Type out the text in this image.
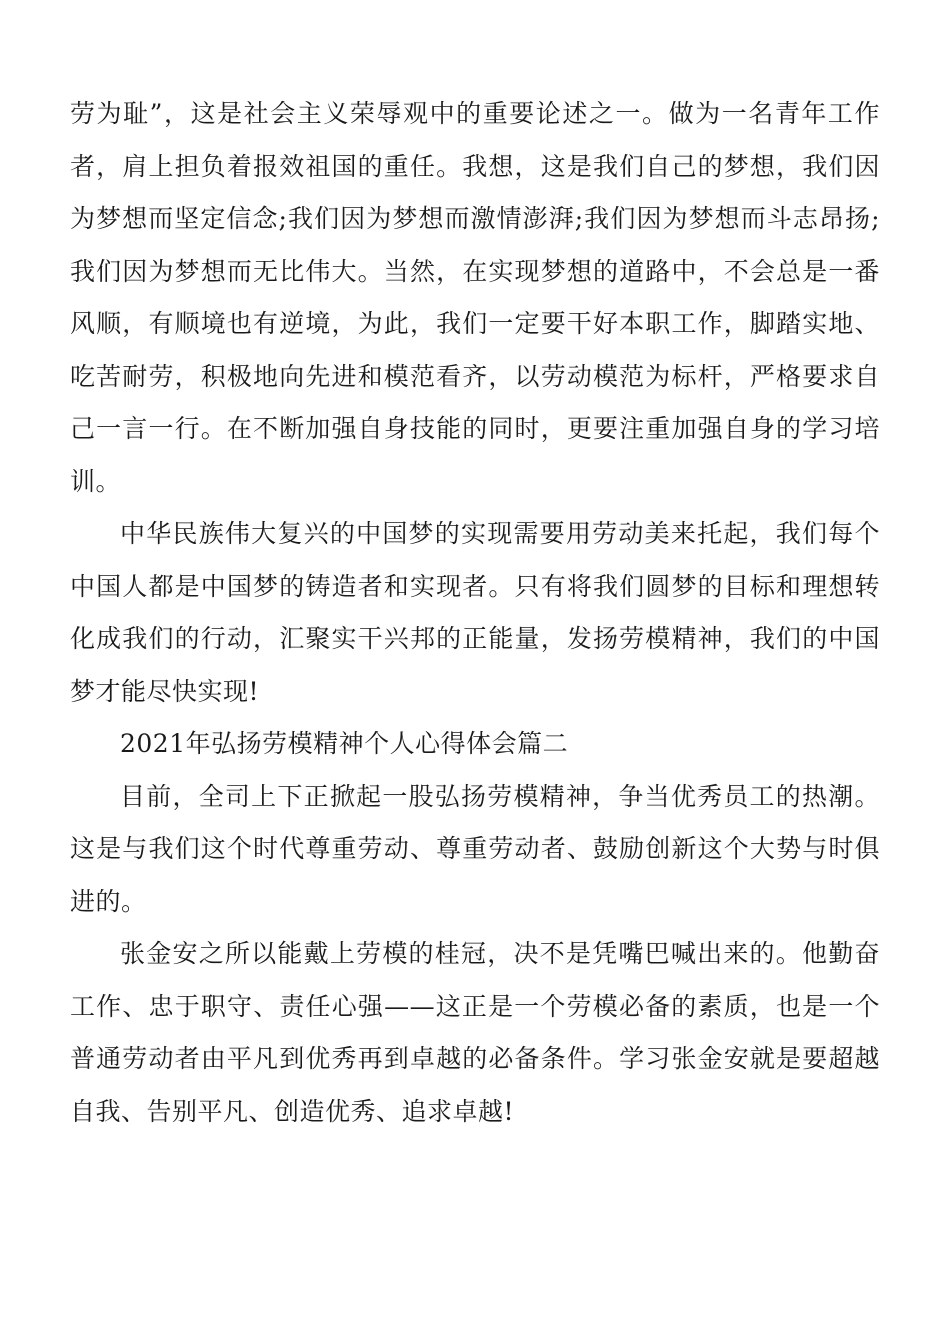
劳为耻”，这是社会主义荣辱观中的重要论述之一。做为一名青年工作者，肩上担负着报效祖国的重任。我想，这是我们自己的梦想，我们因为梦想而坚定信念;我们因为梦想而激情澎湃;我们因为梦想而斗志昂扬;我们因为梦想而无比伟大。当然，在实现梦想的道路中，不会总是一番风顺，有顺境也有逆境，为此，我们一定要干好本职工作，脚踏实地、吃苦耐劳，积极地向先进和模范看齐，以劳动模范为标杆，严格要求自己一言一行。在不断加强自身技能的同时，更要注重加强自身的学习培训。

中华民族伟大复兴的中国梦的实现需要用劳动美来托起，我们每个中国人都是中国梦的铸造者和实现者。只有将我们圆梦的目标和理想转化成我们的行动，汇聚实干兴邦的正能量，发扬劳模精神，我们的中国梦才能尽快实现!

2021年弘扬劳模精神个人心得体会篇二

目前，全司上下正掀起一股弘扬劳模精神，争当优秀员工的热潮。这是与我们这个时代尊重劳动、尊重劳动者、鼓励创新这个大势与时俱进的。

张金安之所以能戴上劳模的桂冠，决不是凭嘴巴喊出来的。他勤奋工作、忠于职守、责任心强——这正是一个劳模必备的素质，也是一个普通劳动者由平凡到优秀再到卓越的必备条件。学习张金安就是要超越自我、告别平凡、创造优秀、追求卓越!
